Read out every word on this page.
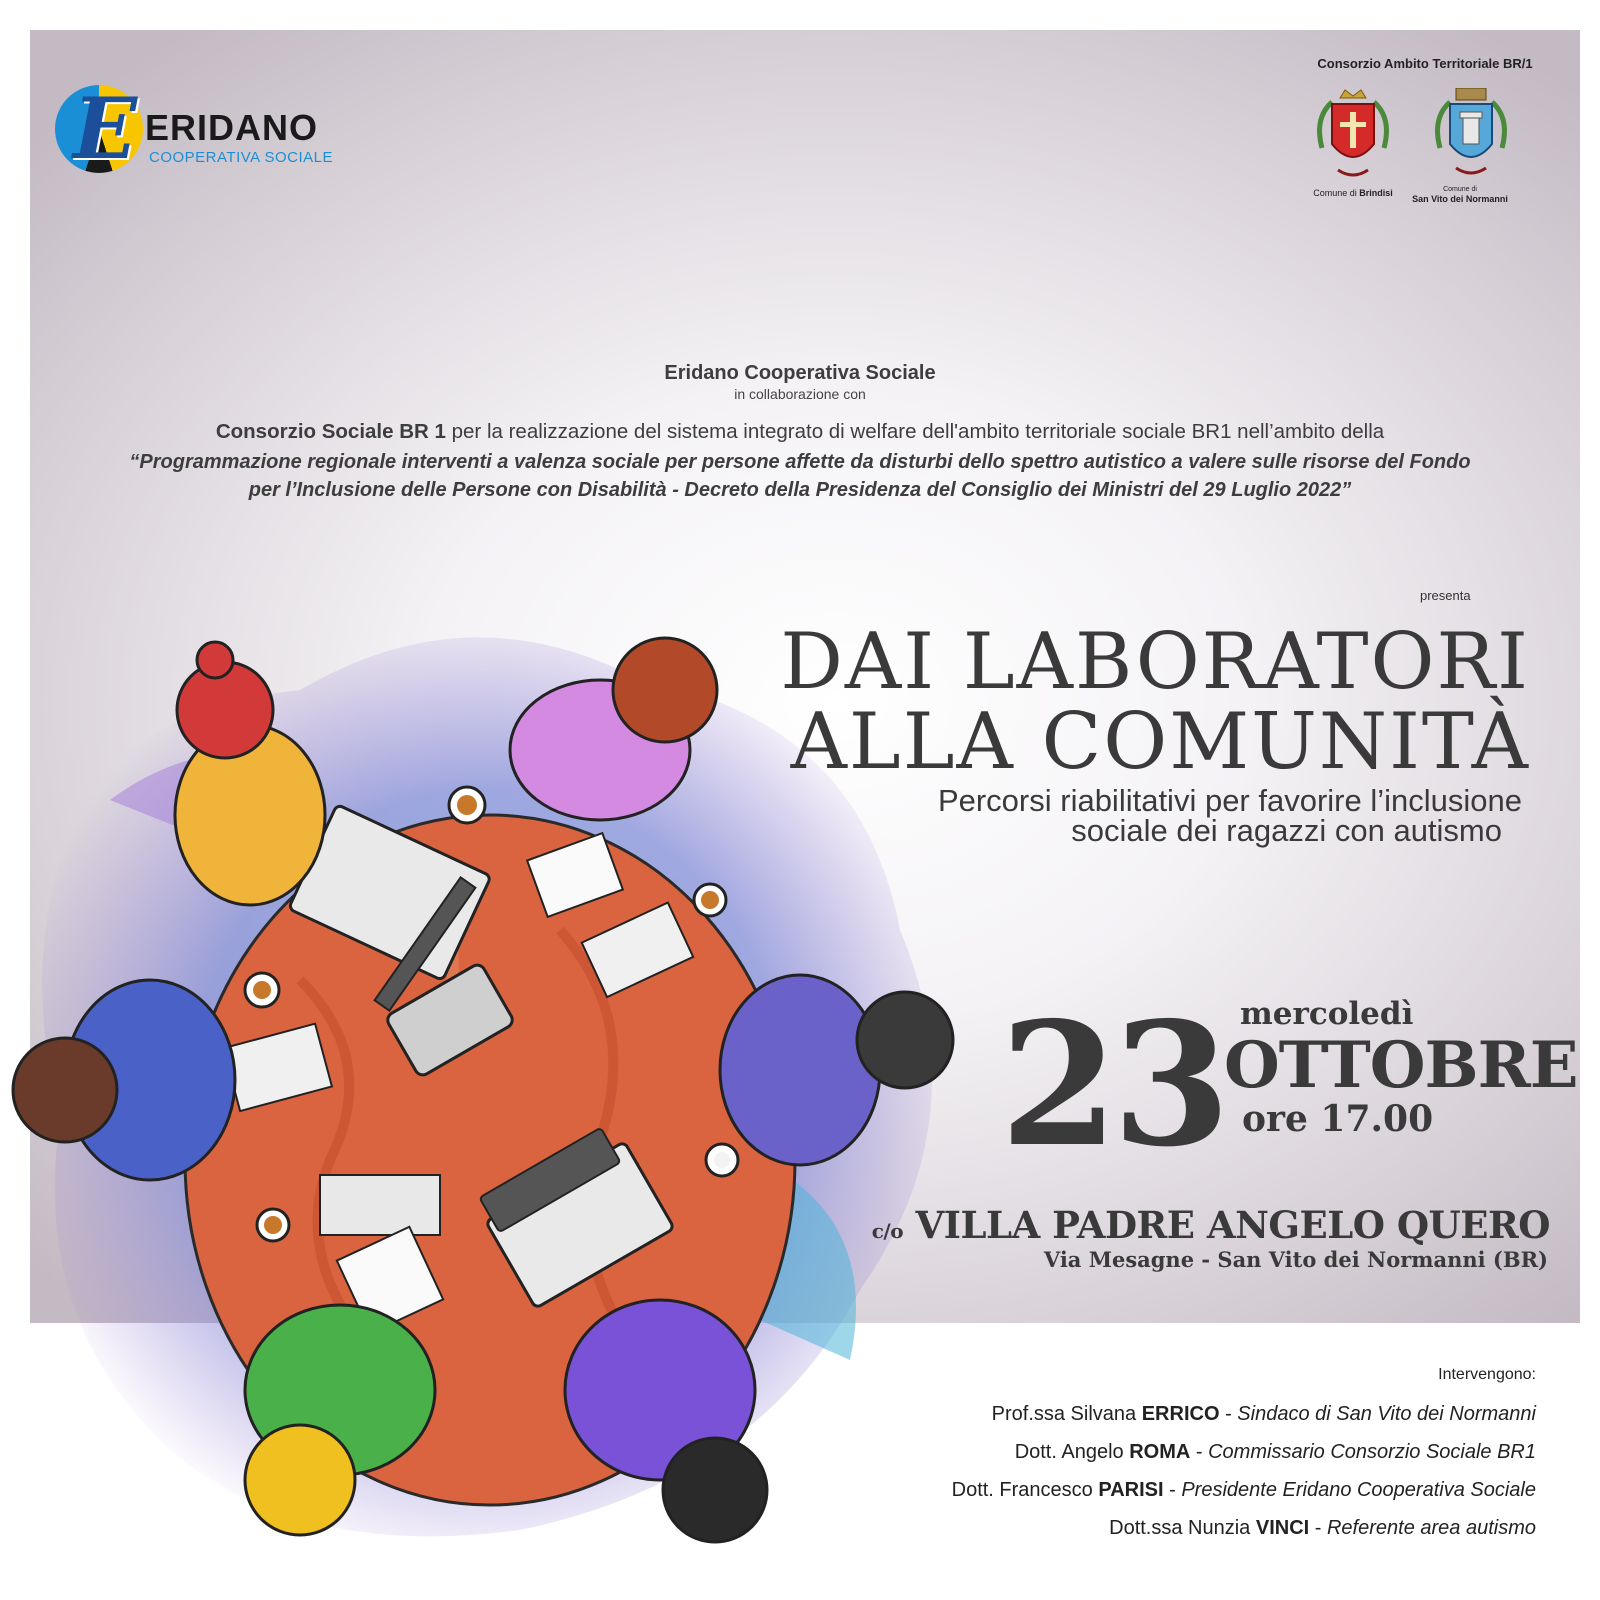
E ERIDANO
COOPERATIVA SOCIALE
Consorzio Ambito Territoriale BR/1
Comune di Brindisi	Comune di
San Vito dei Normanni
Eridano Cooperativa Sociale
in collaborazione con
Consorzio Sociale BR 1 per la realizzazione del sistema integrato di welfare dell'ambito territoriale sociale BR1 nell’ambito della
“Programmazione regionale interventi a valenza sociale per persone affette da disturbi dello spettro autistico a valere sulle risorse del Fondo
per l’Inclusione delle Persone con Disabilità - Decreto della Presidenza del Consiglio dei Ministri del 29 Luglio 2022”
presenta
DAI LABORATORI
ALLA COMUNITÀ
Percorsi riabilitativi per favorire l’inclusione
sociale dei ragazzi con autismo
23 mercoledì
OTTOBRE
ore 17.00
c/o VILLA PADRE ANGELO QUERO
Via Mesagne - San Vito dei Normanni (BR)
Intervengono:
Prof.ssa Silvana ERRICO - Sindaco di San Vito dei Normanni
Dott. Angelo ROMA - Commissario Consorzio Sociale BR1
Dott. Francesco PARISI - Presidente Eridano Cooperativa Sociale
Dott.ssa Nunzia VINCI - Referente area autismo
